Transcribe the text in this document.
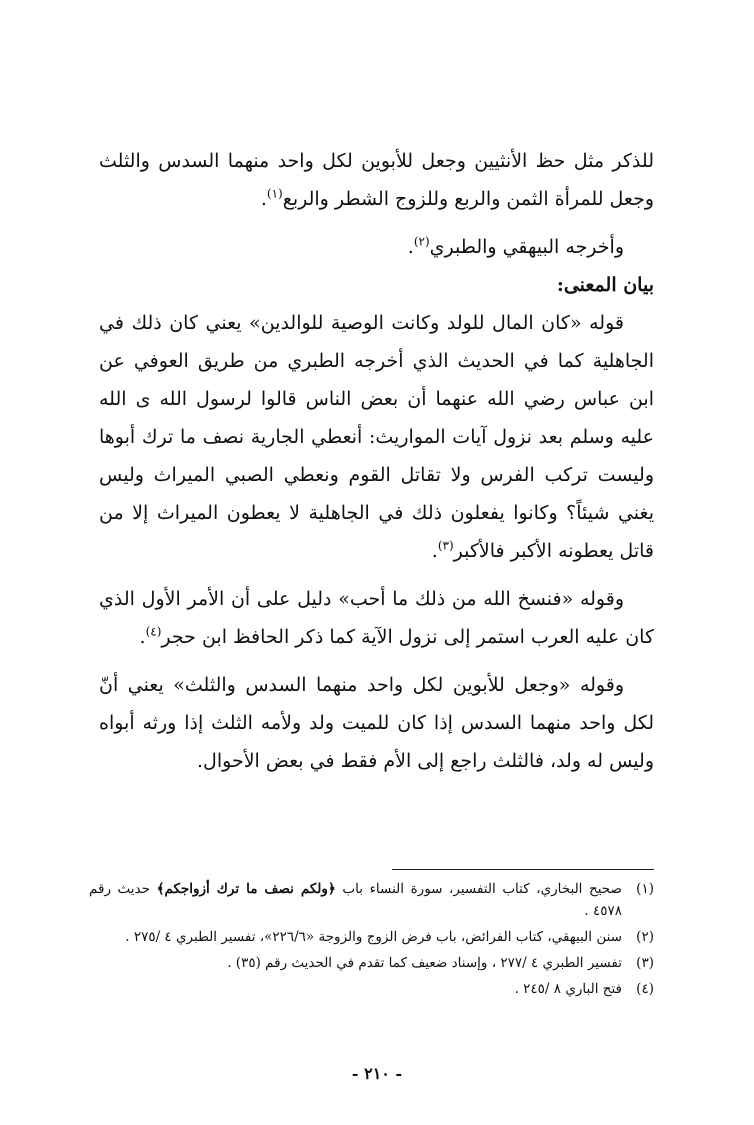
للذكر مثل حظ الأنثيين وجعل للأبوين لكل واحد منهما السدس والثلث وجعل للمرأة الثمن والربع وللزوج الشطر والربع$^{(١)}$.

وأخرجه البيهقي والطبري$^{(٢)}$.

بيان المعنى:

قوله «كان المال للولد وكانت الوصية للوالدين» يعني كان ذلك في الجاهلية كما في الحديث الذي أخرجه الطبري من طريق العوفي عن ابن عباس رضي الله عنهما أن بعض الناس قالوا لرسول الله ى الله عليه وسلم بعد نزول آيات المواريث: أنعطي الجارية نصف ما ترك أبوها وليست تركب الفرس ولا تقاتل القوم ونعطي الصبي الميراث وليس يغني شيئاً؟ وكانوا يفعلون ذلك في الجاهلية لا يعطون الميراث إلا من قاتل يعطونه الأكبر فالأكبر$^{(٣)}$.

وقوله «فنسخ الله من ذلك ما أحب» دليل على أن الأمر الأول الذي كان عليه العرب استمر إلى نزول الآية كما ذكر الحافظ ابن حجر$^{(٤)}$.

وقوله «وجعل للأبوين لكل واحد منهما السدس والثلث» يعني أنّ لكل واحد منهما السدس إذا كان للميت ولد ولأمه الثلث إذا ورثه أبواه وليس له ولد، فالثلث راجع إلى الأم فقط في بعض الأحوال.

(١)
صحيح البخاري، كتاب التفسير، سورة النساء باب ﴿ولكم نصف ما ترك أزواجكم﴾ حديث رقم ٤٥٧٨ .
(٢)
سنن البيهقي، كتاب الفرائض، باب فرض الزوج والزوجة «٢٢٦/٦»، تفسير الطبري ٤ /٢٧٥ .
(٣)
تفسير الطبري ٤ /٢٧٧ ، وإسناد ضعيف كما تقدم في الحديث رقم (٣٥) .
(٤)
فتح الباري ٨ /٢٤٥ .
- ٢١٠ -
